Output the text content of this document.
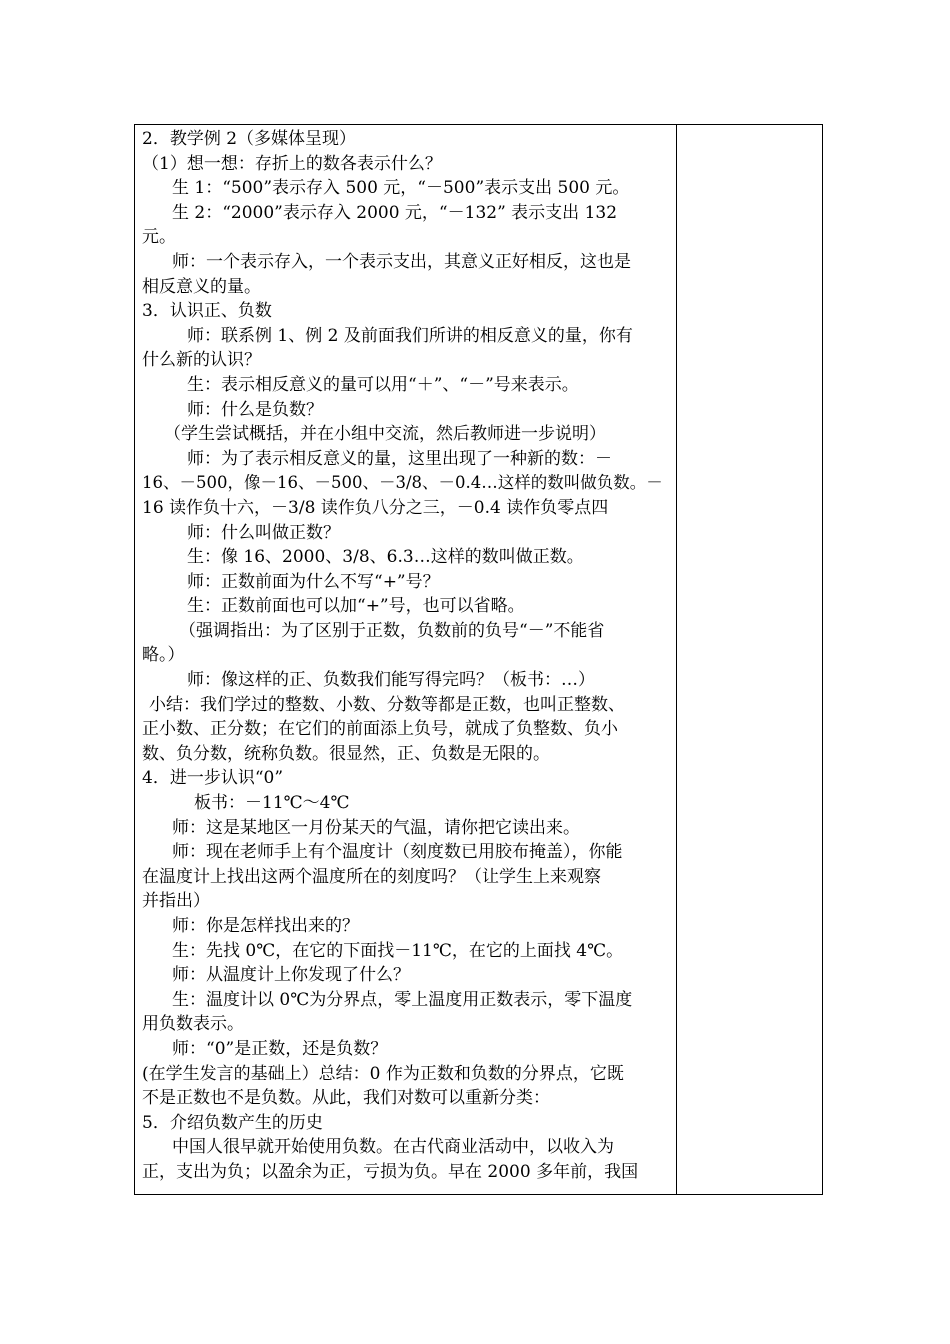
2．教学例 2（多媒体呈现）
（1）想一想：存折上的数各表示什么？
生 1：“500”表示存入 500 元，“－500”表示支出 500 元。
生 2：“2000”表示存入 2000 元，“－132” 表示支出 132
元。
师：一个表示存入，一个表示支出，其意义正好相反，这也是
相反意义的量。
3．认识正、负数
师：联系例 1、例 2 及前面我们所讲的相反意义的量，你有
什么新的认识？
生：表示相反意义的量可以用“＋”、“－”号来表示。
师：什么是负数？
（学生尝试概括，并在小组中交流，然后教师进一步说明）
师：为了表示相反意义的量，这里出现了一种新的数：－
16、－500，像－16、－500、－3/8、－0.4…这样的数叫做负数。－
16 读作负十六，－3/8 读作负八分之三，－0.4 读作负零点四
师：什么叫做正数？
生：像 16、2000、3/8、6.3…这样的数叫做正数。
师：正数前面为什么不写“+”号？
生：正数前面也可以加“+”号，也可以省略。
（强调指出：为了区别于正数，负数前的负号“－”不能省
略。）
师：像这样的正、负数我们能写得完吗？（板书：…）
小结：我们学过的整数、小数、分数等都是正数，也叫正整数、
正小数、正分数；在它们的前面添上负号，就成了负整数、负小
数、负分数，统称负数。很显然，正、负数是无限的。
4．进一步认识“0”
板书：－11℃～4℃
师：这是某地区一月份某天的气温，请你把它读出来。
师：现在老师手上有个温度计（刻度数已用胶布掩盖），你能
在温度计上找出这两个温度所在的刻度吗？（让学生上来观察
并指出）
师：你是怎样找出来的？
生：先找 0℃，在它的下面找－11℃，在它的上面找 4℃。
师：从温度计上你发现了什么？
生：温度计以 0℃为分界点，零上温度用正数表示，零下温度
用负数表示。
师：“0”是正数，还是负数？
(在学生发言的基础上）总结：0 作为正数和负数的分界点，它既
不是正数也不是负数。从此，我们对数可以重新分类：
5．介绍负数产生的历史
中国人很早就开始使用负数。在古代商业活动中，以收入为
正，支出为负；以盈余为正，亏损为负。早在 2000 多年前，我国
